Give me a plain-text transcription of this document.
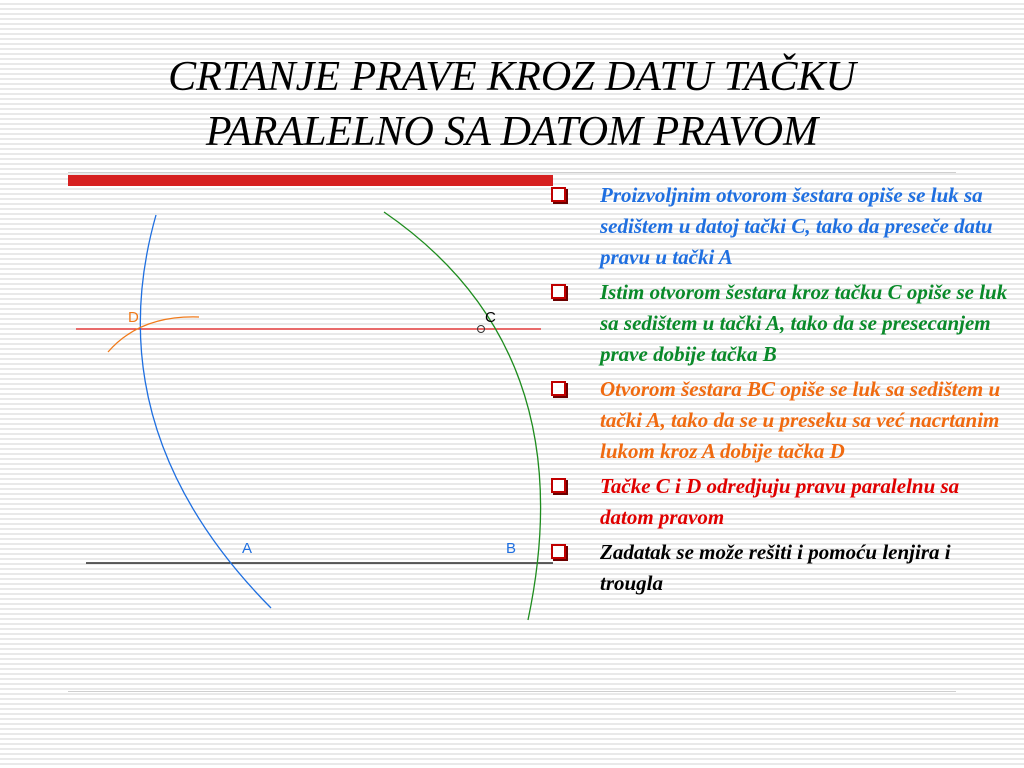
CRTANJE PRAVE KROZ DATU TAČKU
PARALELNO SA DATOM PRAVOM
D	C
A	B
Proizvoljnim otvorom šestara opiše se luk sa sedištem u datoj tački C, tako da preseče datu pravu u tački A
Istim otvorom šestara kroz tačku C opiše se luk sa sedištem u tački A, tako da se presecanjem prave dobije tačka B
Otvorom šestara BC opiše se luk sa sedištem u tački A, tako da se u preseku sa već nacrtanim lukom kroz A dobije tačka D
Tačke C i D odredjuju pravu paralelnu sa datom pravom
Zadatak se može rešiti i pomoću lenjira i trougla
